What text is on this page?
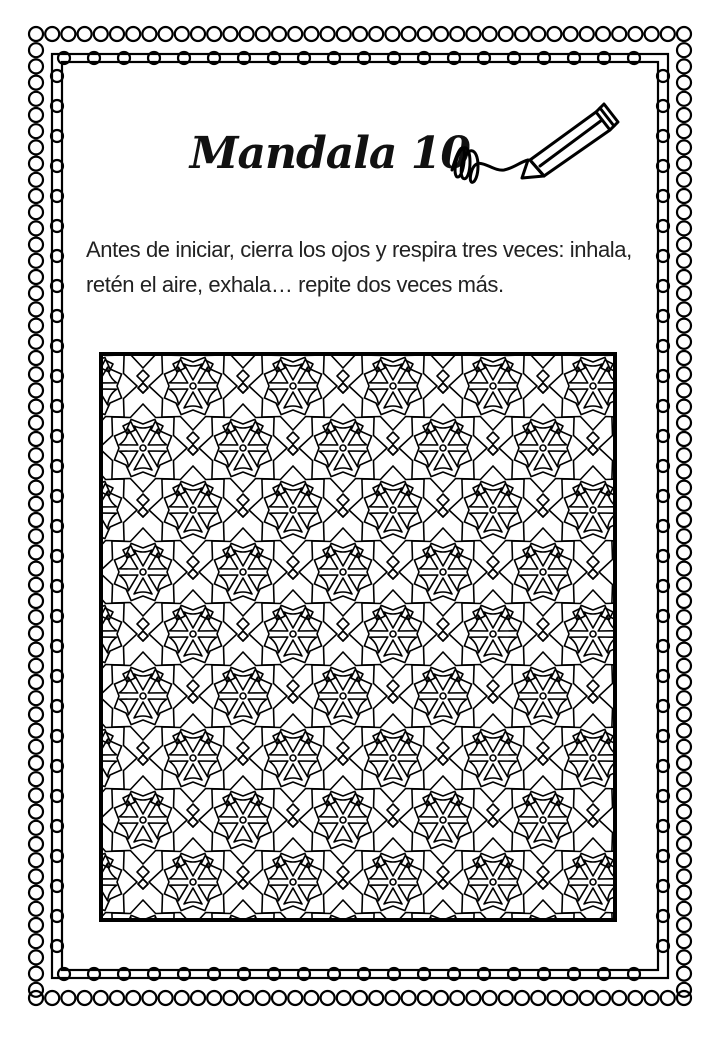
Mandala 10
Antes de iniciar, cierra los ojos y respira tres veces: inhala, retén el aire, exhala… repite dos veces más.
